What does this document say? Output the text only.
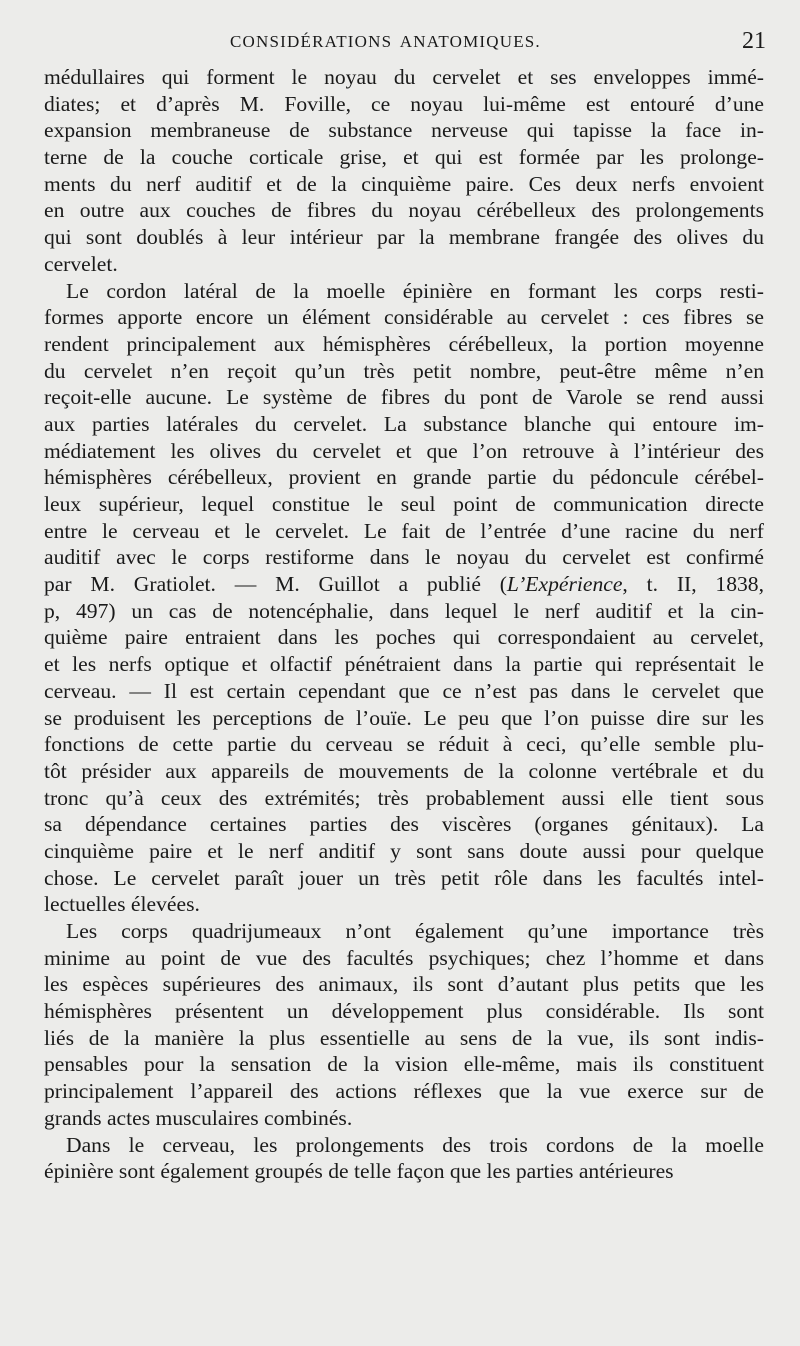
CONSIDÉRATIONS ANATOMIQUES.	21
médullaires qui forment le noyau du cervelet et ses enveloppes immé-
diates; et d’après M. Foville, ce noyau lui-même est entouré d’une
expansion membraneuse de substance nerveuse qui tapisse la face in-
terne de la couche corticale grise, et qui est formée par les prolonge-
ments du nerf auditif et de la cinquième paire. Ces deux nerfs envoient
en outre aux couches de fibres du noyau cérébelleux des prolongements
qui sont doublés à leur intérieur par la membrane frangée des olives du
cervelet.
Le cordon latéral de la moelle épinière en formant les corps resti-
formes apporte encore un élément considérable au cervelet : ces fibres se
rendent principalement aux hémisphères cérébelleux, la portion moyenne
du cervelet n’en reçoit qu’un très petit nombre, peut-être même n’en
reçoit-elle aucune. Le système de fibres du pont de Varole se rend aussi
aux parties latérales du cervelet. La substance blanche qui entoure im-
médiatement les olives du cervelet et que l’on retrouve à l’intérieur des
hémisphères cérébelleux, provient en grande partie du pédoncule cérébel-
leux supérieur, lequel constitue le seul point de communication directe
entre le cerveau et le cervelet. Le fait de l’entrée d’une racine du nerf
auditif avec le corps restiforme dans le noyau du cervelet est confirmé
par M. Gratiolet. — M. Guillot a publié (L’Expérience, t. II, 1838,
p, 497) un cas de notencéphalie, dans lequel le nerf auditif et la cin-
quième paire entraient dans les poches qui correspondaient au cervelet,
et les nerfs optique et olfactif pénétraient dans la partie qui représentait le
cerveau. — Il est certain cependant que ce n’est pas dans le cervelet que
se produisent les perceptions de l’ouïe. Le peu que l’on puisse dire sur les
fonctions de cette partie du cerveau se réduit à ceci, qu’elle semble plu-
tôt présider aux appareils de mouvements de la colonne vertébrale et du
tronc qu’à ceux des extrémités; très probablement aussi elle tient sous
sa dépendance certaines parties des viscères (organes génitaux). La
cinquième paire et le nerf anditif y sont sans doute aussi pour quelque
chose. Le cervelet paraît jouer un très petit rôle dans les facultés intel-
lectuelles élevées.
Les corps quadrijumeaux n’ont également qu’une importance très
minime au point de vue des facultés psychiques; chez l’homme et dans
les espèces supérieures des animaux, ils sont d’autant plus petits que les
hémisphères présentent un développement plus considérable. Ils sont
liés de la manière la plus essentielle au sens de la vue, ils sont indis-
pensables pour la sensation de la vision elle-même, mais ils constituent
principalement l’appareil des actions réflexes que la vue exerce sur de
grands actes musculaires combinés.
Dans le cerveau, les prolongements des trois cordons de la moelle
épinière sont également groupés de telle façon que les parties antérieures
